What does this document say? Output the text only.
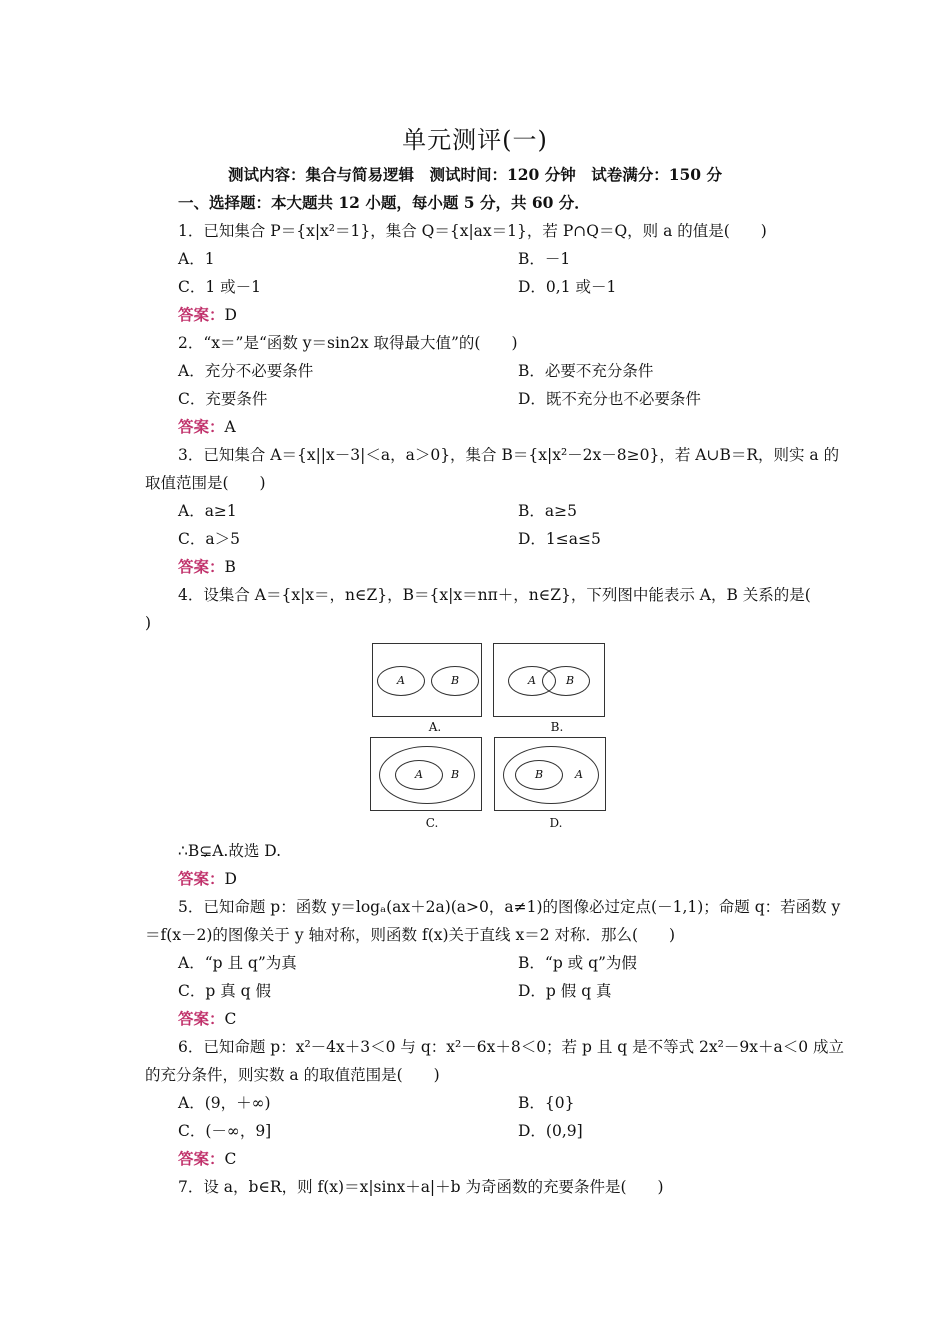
单元测评(一)
测试内容：集合与简易逻辑　测试时间：120 分钟　试卷满分：150 分
一、选择题：本大题共 12 小题，每小题 5 分，共 60 分．
1．已知集合 P＝{x|x²＝1}，集合 Q＝{x|ax＝1}，若 P∩Q＝Q，则 a 的值是(　　)
A．1	B．－1
C．1 或－1	D．0,1 或－1
答案：D
2．“x＝”是“函数 y＝sin2x 取得最大值”的(　　)
A．充分不必要条件	B．必要不充分条件
C．充要条件	D．既不充分也不必要条件
答案：A
3．已知集合 A＝{x||x－3|＜a，a＞0}，集合 B＝{x|x²－2x－8≥0}，若 A∪B＝R，则实 a 的
取值范围是(　　)
A．a≥1	B．a≥5
C．a＞5	D．1≤a≤5
答案：B
4．设集合 A＝{x|x＝，n∈Z}，B＝{x|x＝nπ＋，n∈Z}，下列图中能表示 A，B 关系的是(
)
A	B
A.
A	B
B.
B
A
C.
A
B
D.
∴B⊊A.故选 D.
答案：D
5．已知命题 p：函数 y＝logₐ(ax＋2a)(a>0，a≠1)的图像必过定点(－1,1)；命题 q：若函数 y
＝f(x－2)的图像关于 y 轴对称，则函数 f(x)关于直线 x＝2 对称．那么(　　)
A．“p 且 q”为真	B．“p 或 q”为假
C．p 真 q 假	D．p 假 q 真
答案：C
6．已知命题 p：x²－4x＋3＜0 与 q：x²－6x＋8＜0；若 p 且 q 是不等式 2x²－9x＋a＜0 成立
的充分条件，则实数 a 的取值范围是(　　)
A．(9，＋∞)	B．{0}
C．(－∞，9]	D．(0,9]
答案：C
7．设 a，b∈R，则 f(x)＝x|sinx＋a|＋b 为奇函数的充要条件是(　　)
